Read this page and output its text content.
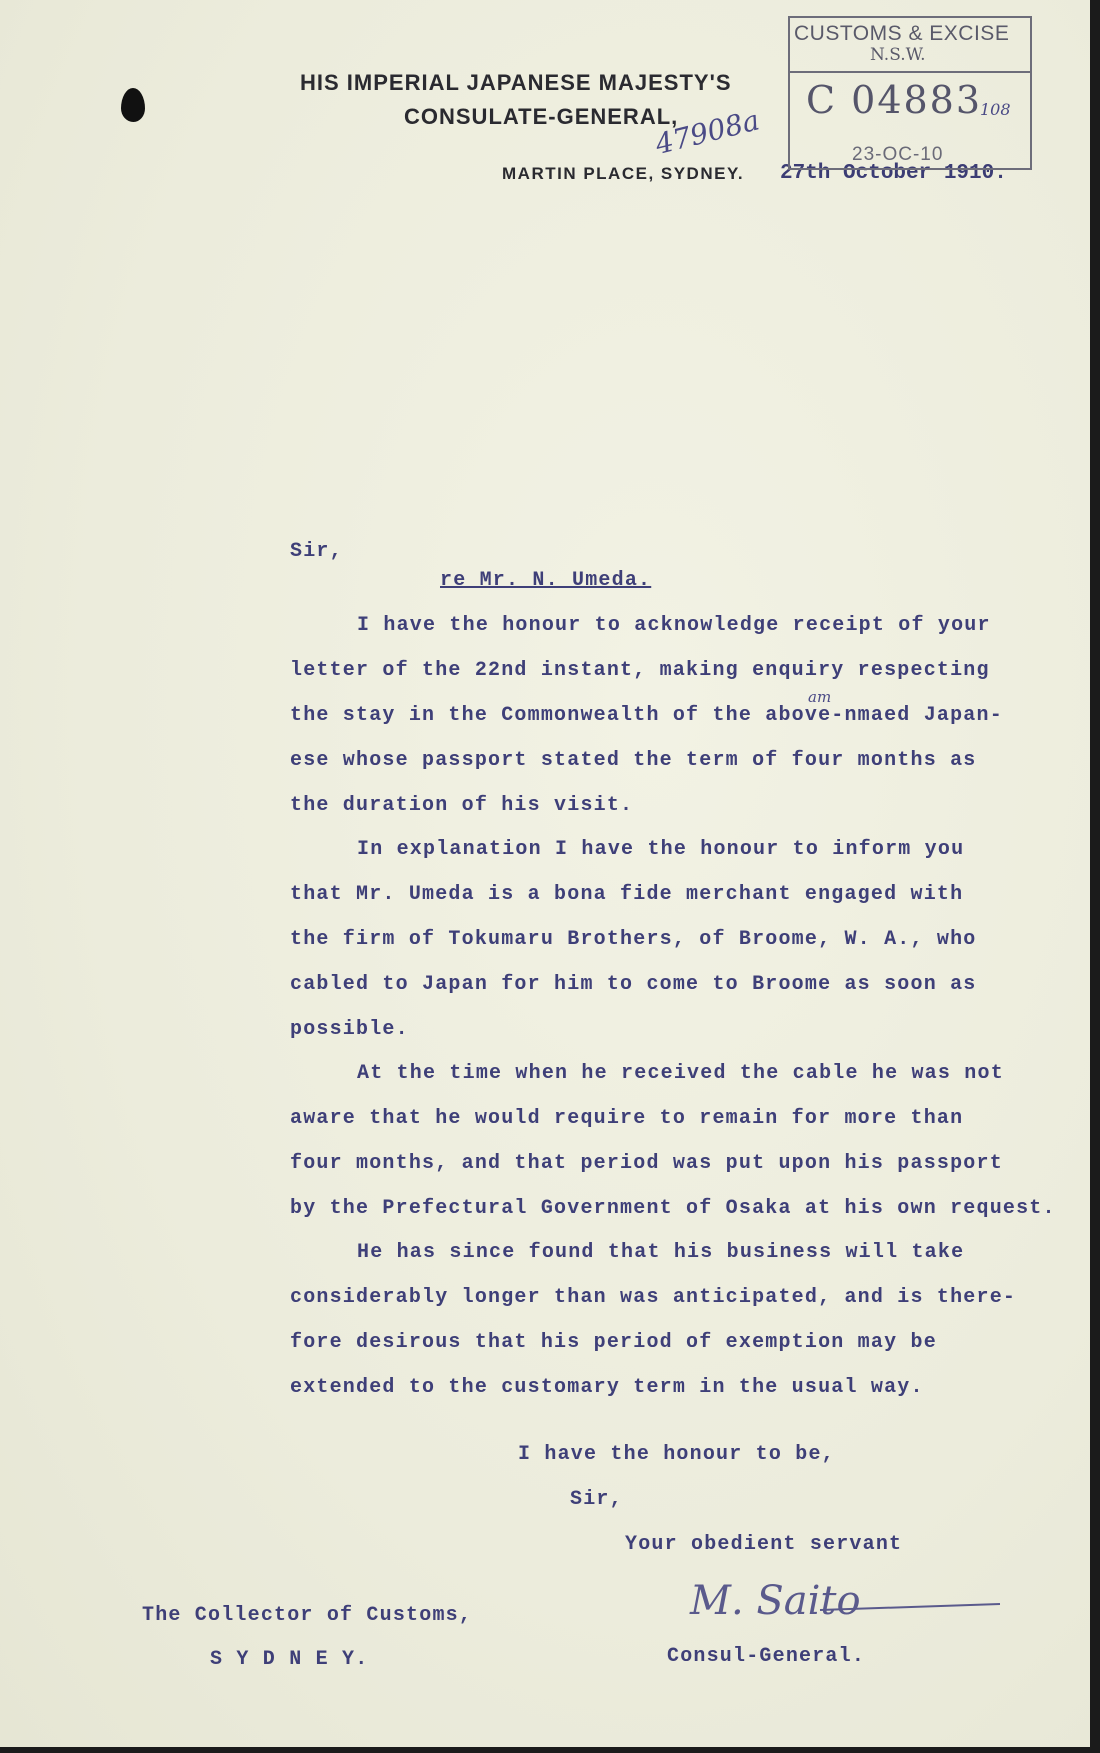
HIS IMPERIAL JAPANESE MAJESTY'S
CONSULATE-GENERAL,
MARTIN PLACE, SYDNEY. 27th October 1910.
47908a
CUSTOMS & EXCISE
N.S.W.
C 04883
108
23-OC-10
Sir,
re Mr. N. Umeda.
I have the honour to acknowledge receipt of your
letter of the 22nd instant, making enquiry respecting
the stay in the Commonwealth of the above-nmaed Japan-
ese whose passport stated the term of four months as
the duration of his visit.
am
In explanation I have the honour to inform you
that Mr. Umeda is a bona fide merchant engaged with
the firm of Tokumaru Brothers, of Broome, W. A., who
cabled to Japan for him to come to Broome as soon as
possible.
At the time when he received the cable he was not
aware that he would require to remain for more than
four months, and that period was put upon his passport
by the Prefectural Government of Osaka at his own request.
He has since found that his business will take
considerably longer than was anticipated, and is there-
fore desirous that his period of exemption may be
extended to the customary term in the usual way.
I have the honour to be,
Sir,
Your obedient servant
The Collector of Customs,
S Y D N E Y.
M. Saito
Consul-General.
